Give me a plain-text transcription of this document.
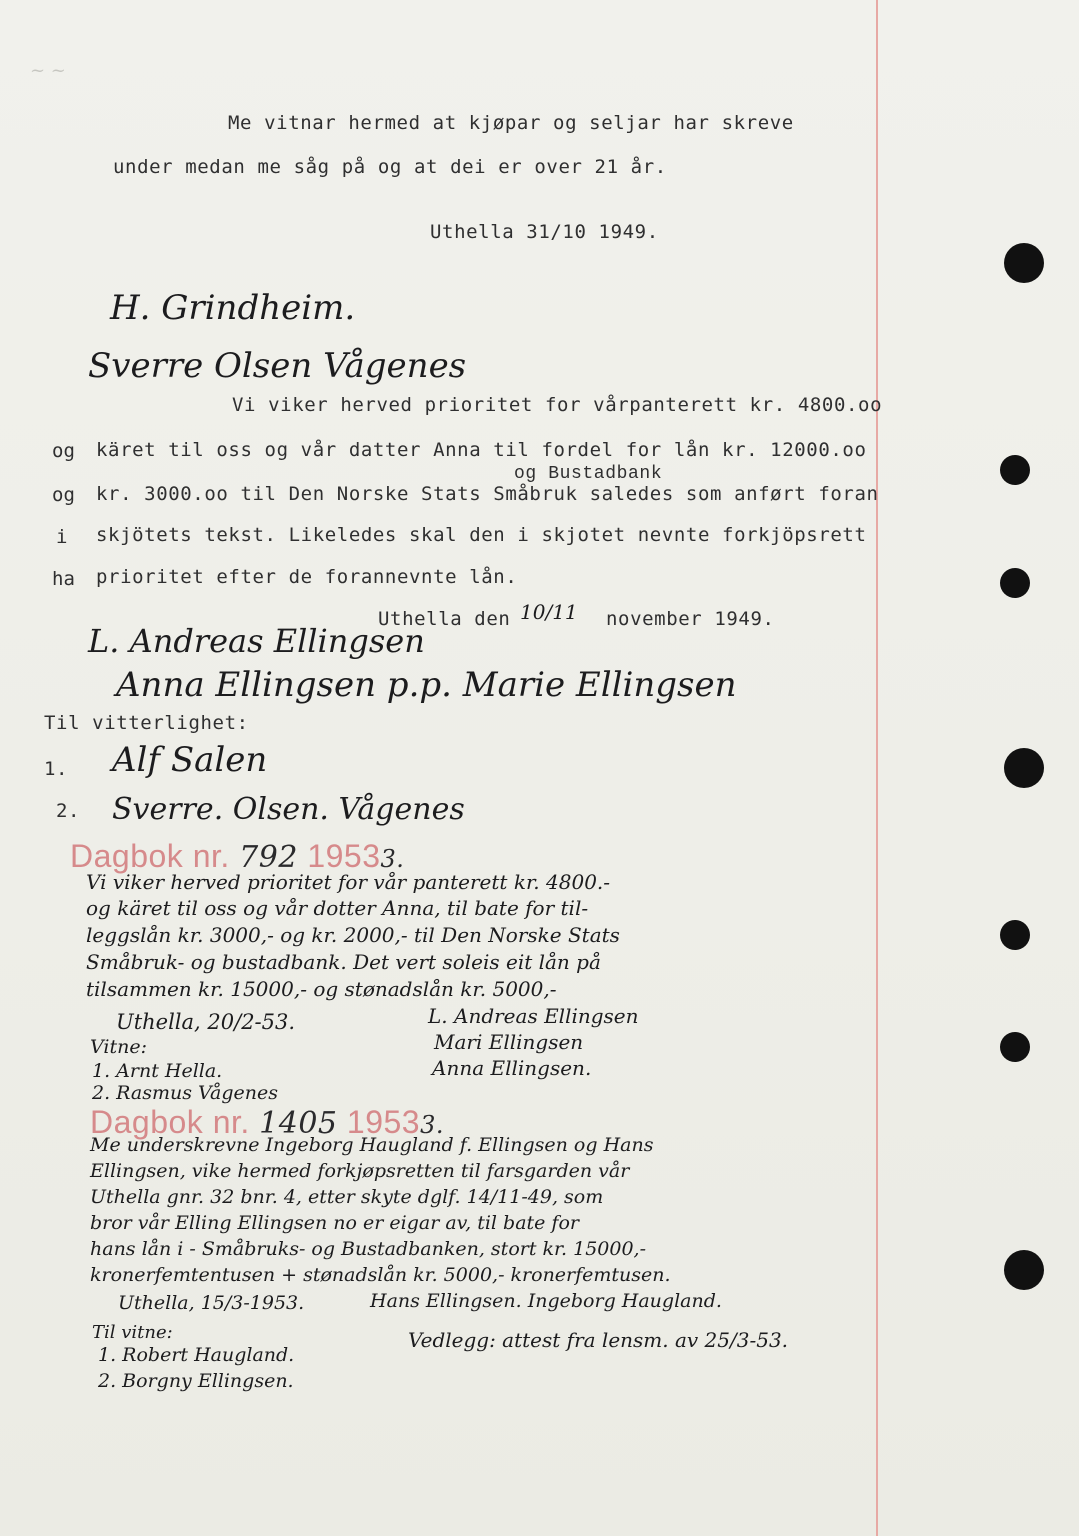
~ ~
Me vitnar hermed at kjøpar og seljar har skreve
under medan me såg på og at dei er over 21 år.
Uthella 31/10 1949.
H. Grindheim.
Sverre Olsen Vågenes
Vi viker herved prioritet for vårpanterett kr. 4800.oo
og käret til oss og vår datter Anna til fordel for lån kr. 12000.oo
og Bustadbank
og kr. 3000.oo til Den Norske Stats Småbruk saledes som anført foran
i skjötets tekst. Likeledes skal den i skjotet nevnte forkjöpsrett
ha prioritet efter de forannevnte lån.
Uthella den 10/11 november 1949.
L. Andreas Ellingsen
Anna Ellingsen p.p. Marie Ellingsen
Til vitterlighet:
1. Alf Salen
2. Sverre. Olsen. Vågenes
Dagbok nr. 792 19533.
Vi viker herved prioritet for vår panterett kr. 4800.-
og käret til oss og vår dotter Anna, til bate for til-
leggslån kr. 3000,- og kr. 2000,- til Den Norske Stats
Småbruk- og bustadbank. Det vert soleis eit lån på
tilsammen kr. 15000,- og stønadslån kr. 5000,-
Uthella, 20/2-53.	L. Andreas Ellingsen
Mari Ellingsen
Anna Ellingsen.
Vitne:
1. Arnt Hella.
2. Rasmus Vågenes
Dagbok nr. 1405 19533.
Me underskrevne Ingeborg Haugland f. Ellingsen og Hans
Ellingsen, vike hermed forkjøpsretten til farsgarden vår
Uthella gnr. 32 bnr. 4, etter skyte dglf. 14/11-49, som
bror vår Elling Ellingsen no er eigar av, til bate for
hans lån i - Småbruks- og Bustadbanken, stort kr. 15000,-
kronerfemtentusen + stønadslån kr. 5000,- kronerfemtusen.
Uthella, 15/3-1953.	Hans Ellingsen. Ingeborg Haugland.
Til vitne:
1. Robert Haugland.
2. Borgny Ellingsen.
Vedlegg: attest fra lensm. av 25/3-53.
